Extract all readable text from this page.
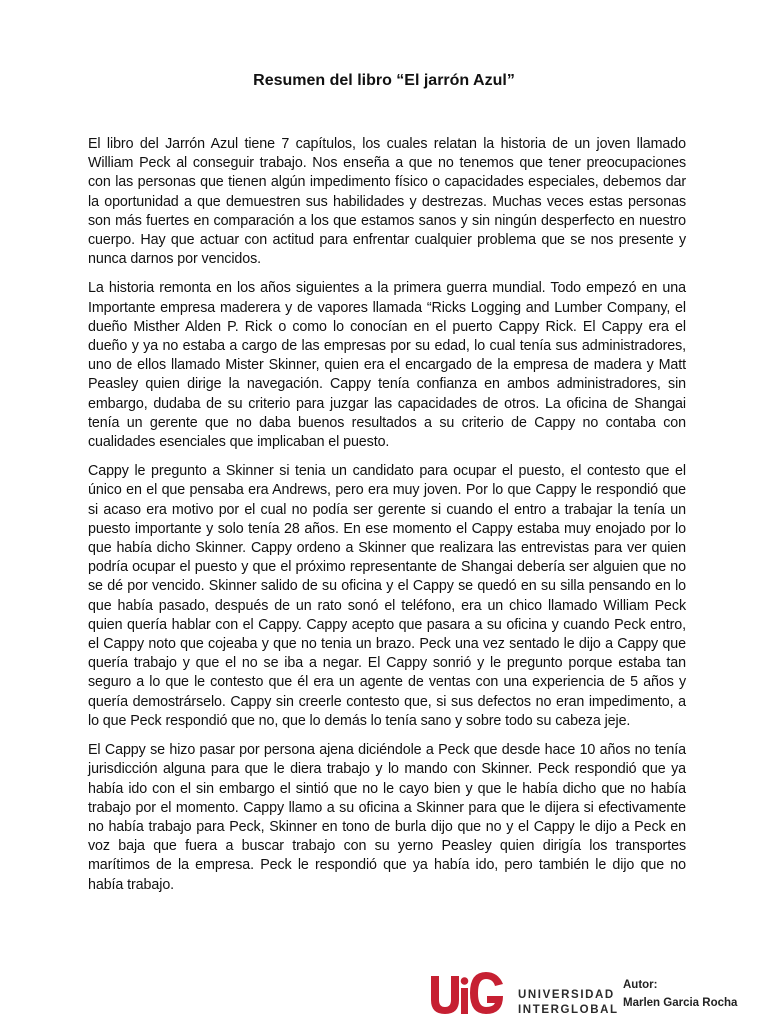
Resumen del libro “El jarrón Azul”

El libro del Jarrón Azul tiene 7 capítulos, los cuales relatan la historia de un joven llamado William Peck al conseguir trabajo. Nos enseña a que no tenemos que tener preocupaciones con las personas que tienen algún impedimento físico o capacidades especiales, debemos dar la oportunidad a que demuestren sus habilidades y destrezas. Muchas veces estas personas son más fuertes en comparación a los que estamos sanos y sin ningún desperfecto en nuestro cuerpo. Hay que actuar con actitud para enfrentar cualquier problema que se nos presente y nunca darnos por vencidos.

La historia remonta en los años siguientes a la primera guerra mundial. Todo empezó en una Importante empresa maderera y de vapores llamada “Ricks Logging and Lumber Company, el dueño Misther Alden P. Rick o como lo conocían en el puerto Cappy Rick. El Cappy era el dueño y ya no estaba a cargo de las empresas por su edad, lo cual tenía sus administradores, uno de ellos llamado Mister Skinner, quien era el encargado de la empresa de madera y Matt Peasley quien dirige la navegación. Cappy tenía confianza en ambos administradores, sin embargo, dudaba de su criterio para juzgar las capacidades de otros. La oficina de Shangai tenía un gerente que no daba buenos resultados a su criterio de Cappy no contaba con cualidades esenciales que implicaban el puesto.

Cappy le pregunto a Skinner si tenia un candidato para ocupar el puesto, el contesto que el único en el que pensaba era Andrews, pero era muy joven. Por lo que Cappy le respondió que si acaso era motivo por el cual no podía ser gerente si cuando el entro a trabajar la tenía un puesto importante y solo tenía 28 años. En ese momento el Cappy estaba muy enojado por lo que había dicho Skinner. Cappy ordeno a Skinner que realizara las entrevistas para ver quien podría ocupar el puesto y que el próximo representante de Shangai debería ser alguien que no se dé por vencido. Skinner salido de su oficina y el Cappy se quedó en su silla pensando en lo que había pasado, después de un rato sonó el teléfono, era un chico llamado William Peck quien quería hablar con el Cappy. Cappy acepto que pasara a su oficina y cuando Peck entro, el Cappy noto que cojeaba y que no tenia un brazo. Peck una vez sentado le dijo a Cappy que quería trabajo y que el no se iba a negar. El Cappy sonrió y le pregunto porque estaba tan seguro a lo que le contesto que él era un agente de ventas con una experiencia de 5 años y quería demostrárselo. Cappy sin creerle contesto que, si sus defectos no eran impedimento, a lo que Peck respondió que no, que lo demás lo tenía sano y sobre todo su cabeza jeje.

El Cappy se hizo pasar por persona ajena diciéndole a Peck que desde hace 10 años no tenía jurisdicción alguna para que le diera trabajo y lo mando con Skinner. Peck respondió que ya había ido con el sin embargo el sintió que no le cayo bien y que le había dicho que no había trabajo por el momento. Cappy llamo a su oficina a Skinner para que le dijera si efectivamente no había trabajo para Peck, Skinner en tono de burla dijo que no y el Cappy le dijo a Peck en voz baja que fuera a buscar trabajo con su yerno Peasley quien dirigía los transportes marítimos de la empresa. Peck le respondió que ya había ido, pero también le dijo que no había trabajo.

UNIVERSIDAD
INTERGLOBAL
Autor:
Marlen Garcia Rocha
